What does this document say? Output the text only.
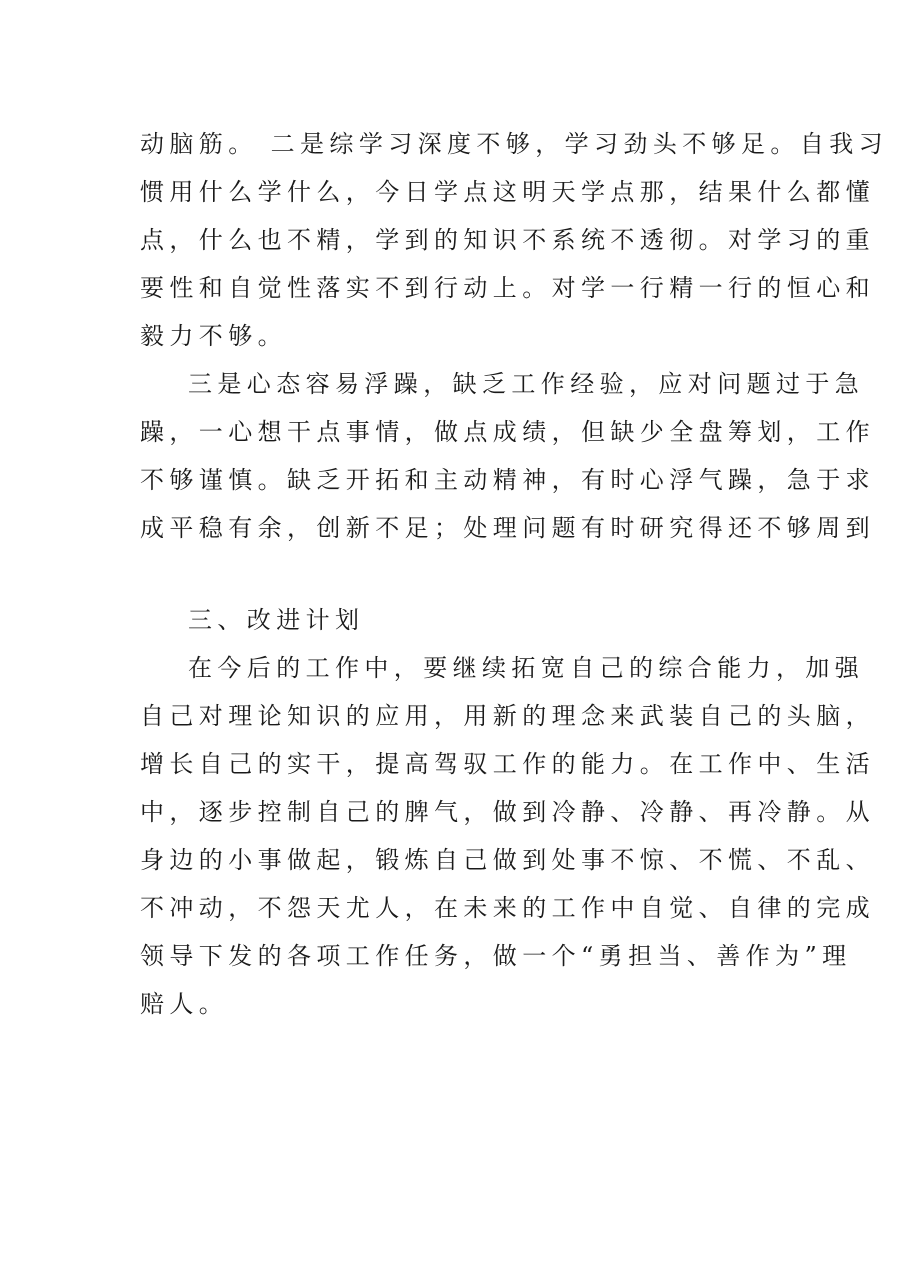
动脑筋。 二是综学习深度不够，学习劲头不够足。自我习

惯用什么学什么，今日学点这明天学点那，结果什么都懂

点，什么也不精，学到的知识不系统不透彻。对学习的重

要性和自觉性落实不到行动上。对学一行精一行的恒心和

毅力不够。

三是心态容易浮躁，缺乏工作经验，应对问题过于急

躁，一心想干点事情，做点成绩，但缺少全盘筹划，工作

不够谨慎。缺乏开拓和主动精神，有时心浮气躁，急于求

成平稳有余，创新不足；处理问题有时研究得还不够周到

三、改进计划

在今后的工作中，要继续拓宽自己的综合能力，加强

自己对理论知识的应用，用新的理念来武装自己的头脑，

增长自己的实干，提高驾驭工作的能力。在工作中、生活

中，逐步控制自己的脾气，做到冷静、冷静、再冷静。从

身边的小事做起，锻炼自己做到处事不惊、不慌、不乱、

不冲动，不怨天尤人，在未来的工作中自觉、自律的完成

领导下发的各项工作任务，做一个“勇担当、善作为”理

赔人。
